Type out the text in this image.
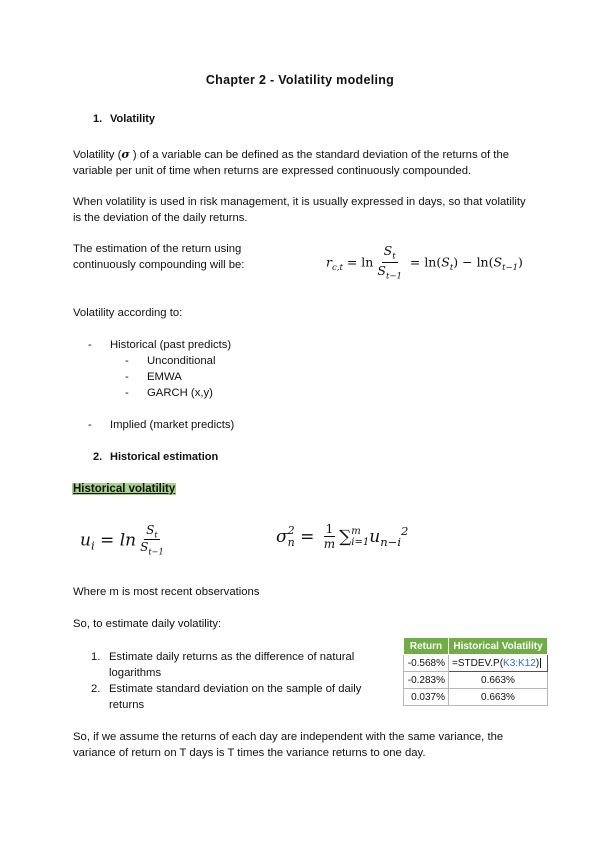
Chapter 2 - Volatility modeling
1. Volatility
Volatility (σ ) of a variable can be defined as the standard deviation of the returns of the variable per unit of time when returns are expressed continuously compounded.
When volatility is used in risk management, it is usually expressed in days, so that volatility is the deviation of the daily returns.
The estimation of the return using continuously compounding will be:	$r_{c,t} = \ln \frac{S_t}{S_{t-1}} = \ln(S_t) - \ln(S_{t-1})$
Volatility according to:
- Historical (past predicts)
- Unconditional
- EMWA
- GARCH (x,y)
- Implied (market predicts)
2. Historical estimation
Historical volatility
$u_i = \ln \frac{S_t}{S_{t-1}}$	σ 2
$n = \frac{1}{m}$ ∑ m
i=1 $u_{n-i}^2$
Where m is most recent observations
So, to estimate daily volatility:
1. Estimate daily returns as the difference of natural logarithms
2. Estimate standard deviation on the sample of daily returns
Return	Historical Volatility
-0.568%	=STDEV.P(K3:K12)
-0.283%	0.663%
0.037%	0.663%
So, if we assume the returns of each day are independent with the same variance, the variance of return on T days is T times the variance returns to one day.
